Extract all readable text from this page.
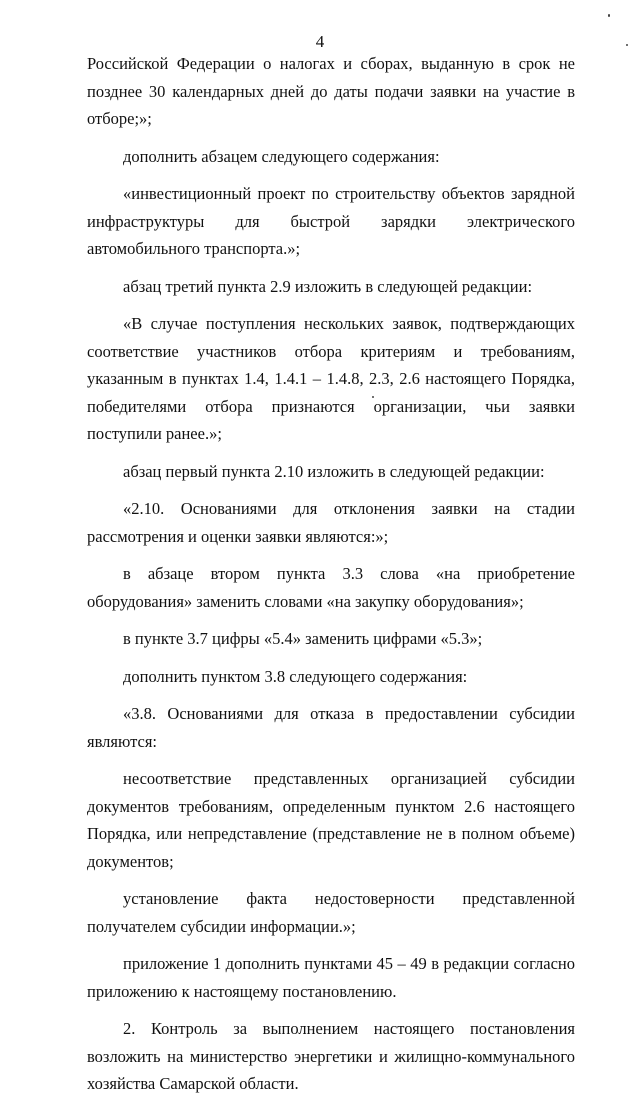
4

Российской Федерации о налогах и сборах, выданную в срок не позднее 30 календарных дней до даты подачи заявки на участие в отборе;»;

дополнить абзацем следующего содержания:

«инвестиционный проект по строительству объектов зарядной инфраструктуры для быстрой зарядки электрического автомобильного транспорта.»;

абзац третий пункта 2.9 изложить в следующей редакции:

«В случае поступления нескольких заявок, подтверждающих соответствие участников отбора критериям и требованиям, указанным в пунктах 1.4, 1.4.1 – 1.4.8, 2.3, 2.6 настоящего Порядка, победителями отбора признаются организации, чьи заявки поступили ранее.»;

абзац первый пункта 2.10 изложить в следующей редакции:

«2.10. Основаниями для отклонения заявки на стадии рассмотрения и оценки заявки являются:»;

в абзаце втором пункта 3.3 слова «на приобретение оборудования» заменить словами «на закупку оборудования»;

в пункте 3.7 цифры «5.4» заменить цифрами «5.3»;

дополнить пунктом 3.8 следующего содержания:

«3.8. Основаниями для отказа в предоставлении субсидии являются:

несоответствие представленных организацией субсидии документов требованиям, определенным пунктом 2.6 настоящего Порядка, или непредставление (представление не в полном объеме) документов;

установление факта недостоверности представленной получателем субсидии информации.»;

приложение 1 дополнить пунктами 45 – 49 в редакции согласно приложению к настоящему постановлению.

2. Контроль за выполнением настоящего постановления возложить на министерство энергетики и жилищно-коммунального хозяйства Самарской области.
